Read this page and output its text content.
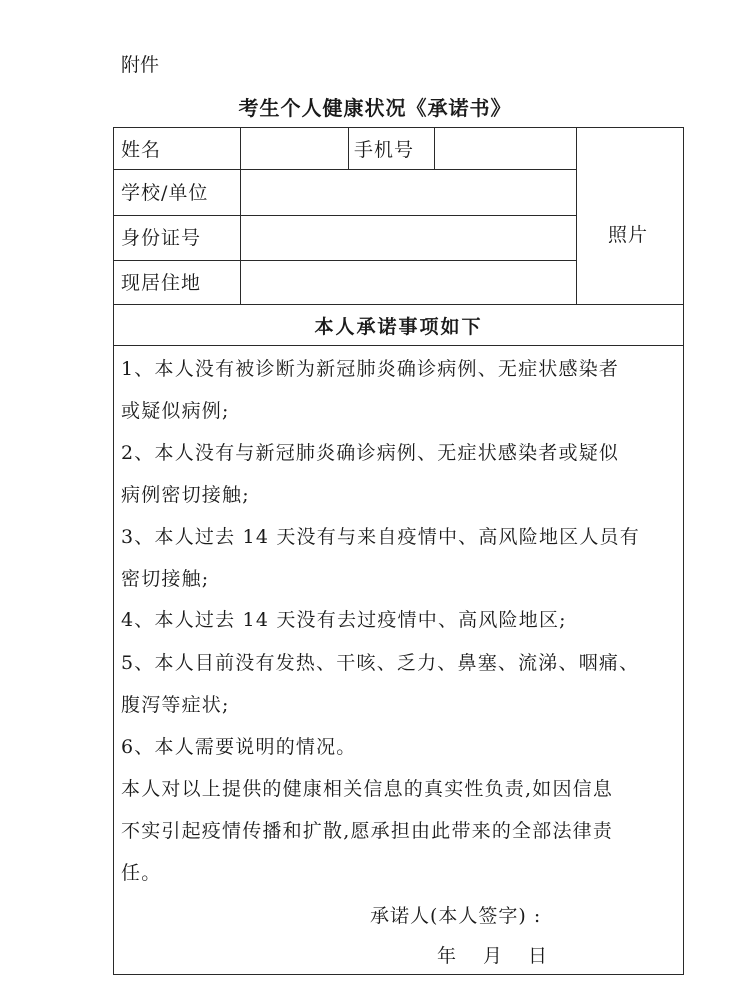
附件
考生个人健康状况《承诺书》
姓名	手机号
学校/单位
身份证号
现居住地
照片
本人承诺事项如下
1、本人没有被诊断为新冠肺炎确诊病例、无症状感染者
或疑似病例;
2、本人没有与新冠肺炎确诊病例、无症状感染者或疑似
病例密切接触;
3、本人过去 14 天没有与来自疫情中、高风险地区人员有
密切接触;
4、本人过去 14 天没有去过疫情中、高风险地区;
5、本人目前没有发热、干咳、乏力、鼻塞、流涕、咽痛、
腹泻等症状;
6、本人需要说明的情况。
本人对以上提供的健康相关信息的真实性负责,如因信息
不实引起疫情传播和扩散,愿承担由此带来的全部法律责
任。
承诺人(本人签字) :
年 月 日
